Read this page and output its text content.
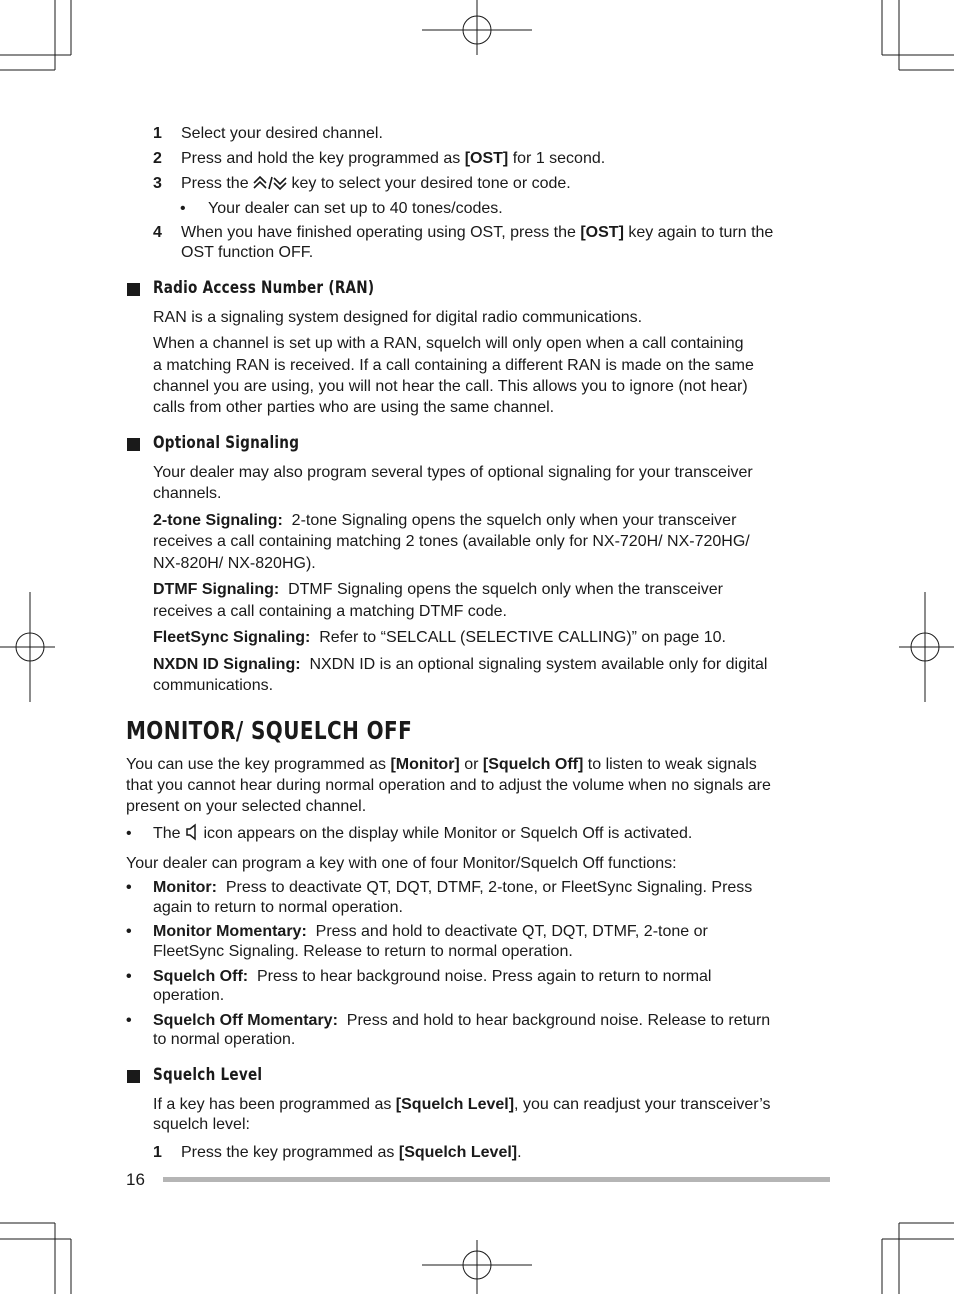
1 Select your desired channel.
2 Press and hold the key programmed as [OST] for 1 second.
3 Press the  key to select your desired tone or code.
• Your dealer can set up to 40 tones/codes.
4 When you have finished operating using OST, press the [OST] key again to turn the
OST function OFF.
Radio Access Number (RAN)
RAN is a signaling system designed for digital radio communications.
When a channel is set up with a RAN, squelch will only open when a call containing
a matching RAN is received. If a call containing a different RAN is made on the same
channel you are using, you will not hear the call. This allows you to ignore (not hear)
calls from other parties who are using the same channel.
Optional Signaling
Your dealer may also program several types of optional signaling for your transceiver
channels.
2-tone Signaling: 2-tone Signaling opens the squelch only when your transceiver
receives a call containing matching 2 tones (available only for NX-720H/ NX-720HG/
NX-820H/ NX-820HG).
DTMF Signaling: DTMF Signaling opens the squelch only when the transceiver
receives a call containing a matching DTMF code.
FleetSync Signaling: Refer to “SELCALL (SELECTIVE CALLING)” on page 10.
NXDN ID Signaling: NXDN ID is an optional signaling system available only for digital
communications.
MONITOR/ SQUELCH OFF
You can use the key programmed as [Monitor] or [Squelch Off] to listen to weak signals
that you cannot hear during normal operation and to adjust the volume when no signals are
present on your selected channel.
• The  icon appears on the display while Monitor or Squelch Off is activated.
Your dealer can program a key with one of four Monitor/Squelch Off functions:
• Monitor: Press to deactivate QT, DQT, DTMF, 2-tone, or FleetSync Signaling. Press
again to return to normal operation.
• Monitor Momentary: Press and hold to deactivate QT, DQT, DTMF, 2-tone or
FleetSync Signaling. Release to return to normal operation.
• Squelch Off: Press to hear background noise. Press again to return to normal
operation.
• Squelch Off Momentary: Press and hold to hear background noise. Release to return
to normal operation.
Squelch Level
If a key has been programmed as [Squelch Level], you can readjust your transceiver’s
squelch level:
1 Press the key programmed as [Squelch Level].
16
